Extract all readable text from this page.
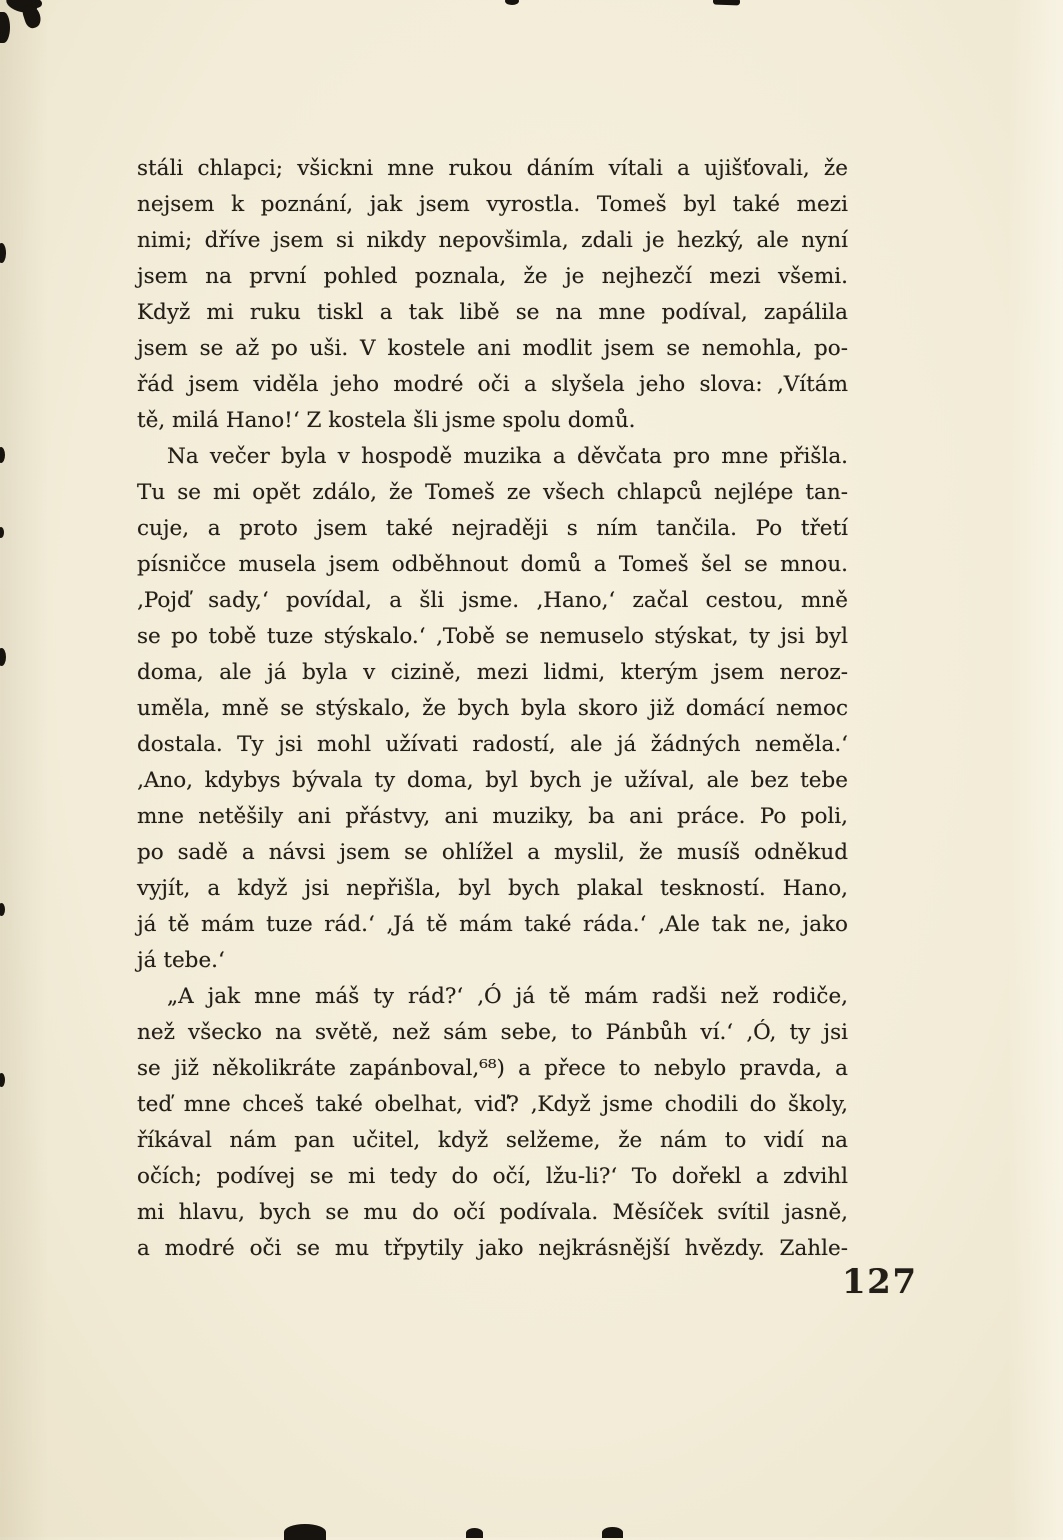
stáli chlapci; všickni mne rukou dáním vítali a ujišťovali, že
nejsem k poznání, jak jsem vyrostla. Tomeš byl také mezi
nimi; dříve jsem si nikdy nepovšimla, zdali je hezký, ale nyní
jsem na první pohled poznala, že je nejhezčí mezi všemi.
Když mi ruku tiskl a tak libě se na mne podíval, zapálila
jsem se až po uši. V kostele ani modlit jsem se nemohla, po-
řád jsem viděla jeho modré oči a slyšela jeho slova: ‚Vítám
tě, milá Hano!‘ Z kostela šli jsme spolu domů.
Na večer byla v hospodě muzika a děvčata pro mne přišla.
Tu se mi opět zdálo, že Tomeš ze všech chlapců nejlépe tan-
cuje, a proto jsem také nejraději s ním tančila. Po třetí
písničce musela jsem odběhnout domů a Tomeš šel se mnou.
‚Pojď sady,‘ povídal, a šli jsme. ‚Hano,‘ začal cestou, mně
se po tobě tuze stýskalo.‘ ‚Tobě se nemuselo stýskat, ty jsi byl
doma, ale já byla v cizině, mezi lidmi, kterým jsem neroz-
uměla, mně se stýskalo, že bych byla skoro již domácí nemoc
dostala. Ty jsi mohl užívati radostí, ale já žádných neměla.‘
‚Ano, kdybys bývala ty doma, byl bych je užíval, ale bez tebe
mne netěšily ani přástvy, ani muziky, ba ani práce. Po poli,
po sadě a návsi jsem se ohlížel a myslil, že musíš odněkud
vyjít, a když jsi nepřišla, byl bych plakal teskností. Hano,
já tě mám tuze rád.‘ ‚Já tě mám také ráda.‘ ‚Ale tak ne, jako
já tebe.‘
„A jak mne máš ty rád?‘ ‚Ó já tě mám radši než rodiče,
než všecko na světě, než sám sebe, to Pánbůh ví.‘ ‚Ó, ty jsi
se již několikráte zapánboval,⁶⁸) a přece to nebylo pravda, a
teď mne chceš také obelhat, viď? ‚Když jsme chodili do školy,
říkával nám pan učitel, když selžeme, že nám to vidí na
očích; podívej se mi tedy do očí, lžu-li?‘ To dořekl a zdvihl
mi hlavu, bych se mu do očí podívala. Měsíček svítil jasně,
a modré oči se mu třpytily jako nejkrásnější hvězdy. Zahle-
127
